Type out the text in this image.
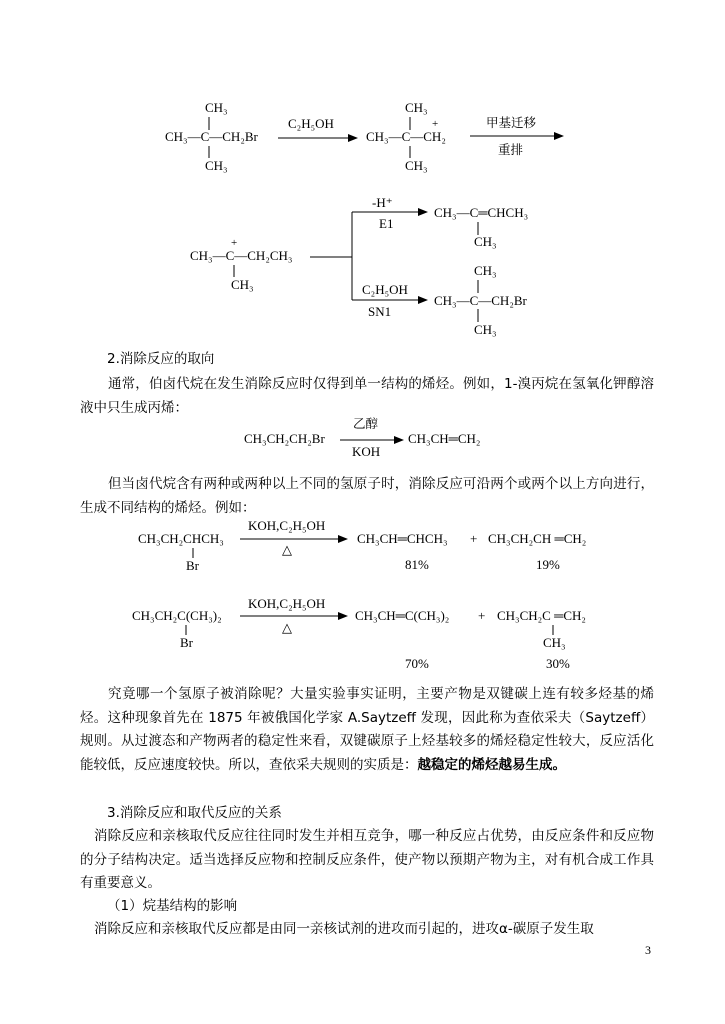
CH₃
CH₃—C—CH₂Br
CH₃
C₂H₅OH
CH₃
+
CH₃—C—CH₂
CH₃
甲基迁移
重排
+
CH₃—C—CH₂CH₃
CH₃
-H⁺
E1
CH₃—C═CHCH₃
CH₃
C₂H₅OH
SN1
CH₃
CH₃—C—CH₂Br
CH₃
2.消除反应的取向
通常，伯卤代烷在发生消除反应时仅得到单一结构的烯烃。例如，1-溴丙烷在氢氧化钾醇溶液中只生成丙烯：
CH₃CH₂CH₂Br
乙醇
KOH
CH₃CH═CH₂
但当卤代烷含有两种或两种以上不同的氢原子时，消除反应可沿两个或两个以上方向进行，生成不同结构的烯烃。例如：
CH₃CH₂CHCH₃
Br
KOH,C₂H₅OH
△
CH₃CH═CHCH₃ + CH₃CH₂CH ═CH₂
81%	19%
CH₃CH₂C(CH₃)₂
Br
KOH,C₂H₅OH
△
CH₃CH═C(CH₃)₂ + CH₃CH₂C ═CH₂
CH₃
70%	30%
究竟哪一个氢原子被消除呢？大量实验事实证明，主要产物是双键碳上连有较多烃基的烯烃。这种现象首先在 1875 年被俄国化学家 A.Saytzeff 发现，因此称为查依采夫（Saytzeff）规则。从过渡态和产物两者的稳定性来看，双键碳原子上烃基较多的烯烃稳定性较大，反应活化能较低，反应速度较快。所以，查依采夫规则的实质是：越稳定的烯烃越易生成。
3.消除反应和取代反应的关系
消除反应和亲核取代反应往往同时发生并相互竞争，哪一种反应占优势，由反应条件和反应物的分子结构决定。适当选择反应物和控制反应条件，使产物以预期产物为主，对有机合成工作具有重要意义。
（1）烷基结构的影响
消除反应和亲核取代反应都是由同一亲核试剂的进攻而引起的，进攻α-碳原子发生取
3
